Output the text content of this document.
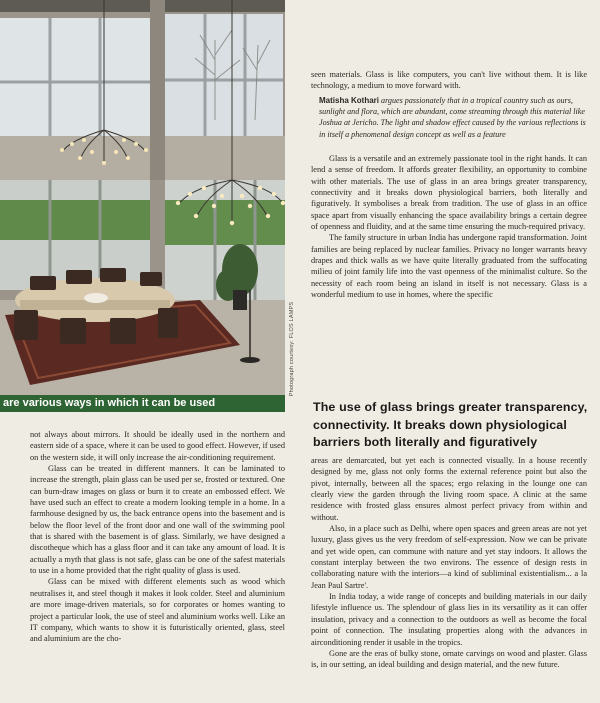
Photograph courtesy: FLOS LAMPS
are various ways in which it can be used

seen materials. Glass is like computers, you can't live without them. It is like technology, a medium to move forward with.

Matisha Kothari argues passionately that in a tropical country such as ours, sunlight and flora, which are abundant, come streaming through this material like Joshua at Jericho. The light and shadow effect caused by the various reflections is in itself a phenomenal design concept as well as a feature

Glass is a versatile and an extremely passionate tool in the right hands. It can lend a sense of freedom. It affords greater flexibility, an opportunity to combine with other materials. The use of glass in an area brings greater transparency, connectivity and it breaks down physiological barriers, both literally and figuratively. It symbolises a break from tradition. The use of glass in an office space apart from visually enhancing the space availability brings a certain degree of openness and fluidity, and at the same time ensuring the much-required privacy.

The family structure in urban India has undergone rapid transformation. Joint families are being replaced by nuclear families. Privacy no longer warrants heavy drapes and thick walls as we have quite literally graduated from the suffocating milieu of joint family life into the vast openness of the minimalist culture. So the necessity of each room being an island in itself is not necessary. Glass is a wonderful medium to use in homes, where the specific

The use of glass brings greater transparency, connectivity. It breaks down physiological barriers both literally and figuratively

not always about mirrors. It should be ideally used in the northern and eastern side of a space, where it can be used to good effect. However, if used on the western side, it will only increase the air-conditioning requirement.

Glass can be treated in different manners. It can be laminated to increase the strength, plain glass can be used per se, frosted or textured. One can burn-draw images on glass or burn it to create an embossed effect. We have used such an effect to create a modern looking temple in a home. In a farmhouse designed by us, the back entrance opens into the basement and is below the floor level of the front door and one wall of the swimming pool that is shared with the basement is of glass. Similarly, we have designed a discotheque which has a glass floor and it can take any amount of load. It is actually a myth that glass is not safe, glass can be one of the safest materials to use in a home provided that the right quality of glass is used.

Glass can be mixed with different elements such as wood which neutralises it, and steel though it makes it look colder. Steel and aluminium are more image-driven materials, so for corporates or homes wanting to project a particular look, the use of steel and aluminium works well. Like an IT company, which wants to show it is futuristically oriented, glass, steel and aluminium are the cho-

areas are demarcated, but yet each is connected visually. In a house recently designed by me, glass not only forms the external reference point but also the pivot, internally, between all the spaces; ergo relaxing in the lounge one can clearly view the garden through the living room space. A clinic at the same residence with frosted glass ensures almost perfect privacy from within and without.

Also, in a place such as Delhi, where open spaces and green areas are not yet luxury, glass gives us the very freedom of self-expression. Now we can be private and yet wide open, can commune with nature and yet stay indoors. It allows the constant interplay between the two environs. The essence of design rests in collaborating nature with the interiors—a kind of subliminal existentialism... a la Jean Paul Sartre'.

In India today, a wide range of concepts and building materials in our daily lifestyle influence us. The splendour of glass lies in its versatility as it can offer insulation, privacy and a connection to the outdoors as well as become the focal point of connection. The insulating properties along with the advances in airconditioning render it usable in the tropics.

Gone are the eras of bulky stone, ornate carvings on wood and plaster. Glass is, in our setting, an ideal building and design material, and the new future.
